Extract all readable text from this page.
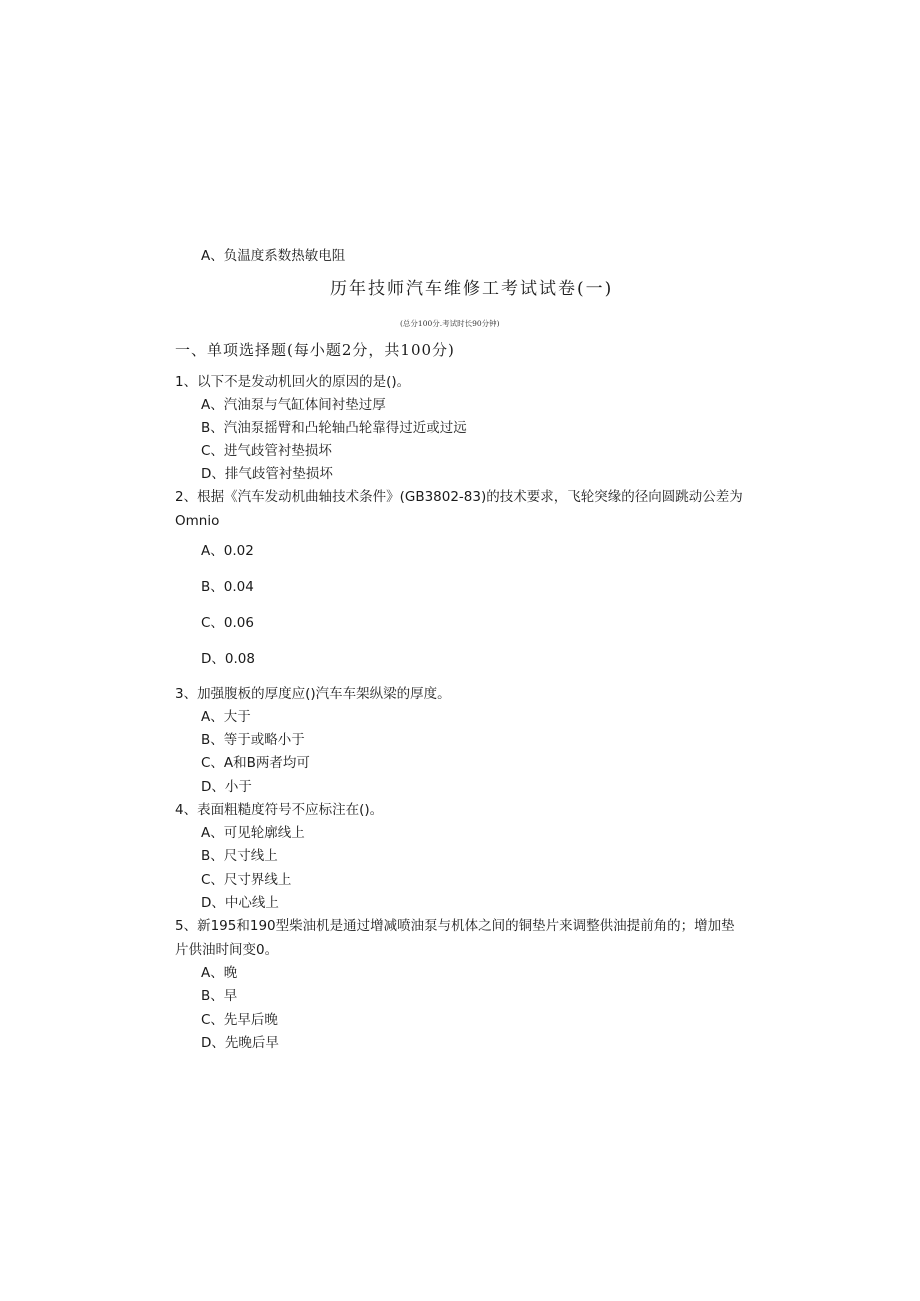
A、负温度系数热敏电阻
历年技师汽车维修工考试试卷(一)
(总分100分.考试时长90分钟)
一、单项选择题(每小题2分，共100分)
1、以下不是发动机回火的原因的是()。
A、汽油泵与气缸体间衬垫过厚
B、汽油泵摇臂和凸轮轴凸轮靠得过近或过远
C、进气歧管衬垫损坏
D、排气歧管衬垫损坏
2、根据《汽车发动机曲轴技术条件》(GB3802-83)的技术要求，飞轮突缘的径向圆跳动公差为
Omnio
A、0.02
B、0.04
C、0.06
D、0.08
3、加强腹板的厚度应()汽车车架纵梁的厚度。
A、大于
B、等于或略小于
C、A和B两者均可
D、小于
4、表面粗糙度符号不应标注在()。
A、可见轮廓线上
B、尺寸线上
C、尺寸界线上
D、中心线上
5、新195和190型柴油机是通过增减喷油泵与机体之间的铜垫片来调整供油提前角的；增加垫
片供油时间变0。
A、晚
B、早
C、先早后晚
D、先晚后早
